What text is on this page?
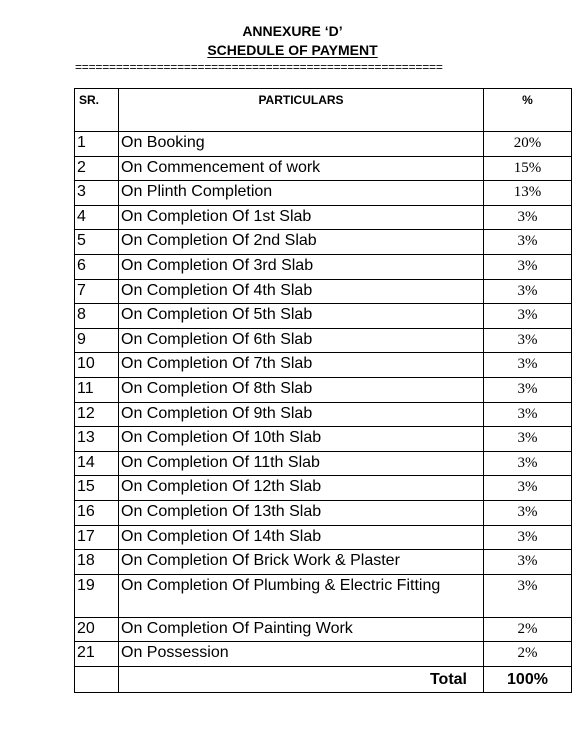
ANNEXURE ‘D’
SCHEDULE OF PAYMENT
======================================================
SR.	PARTICULARS	%
1	On Booking	20%
2	On Commencement of work	15%
3	On Plinth Completion	13%
4	On Completion Of 1st Slab	3%
5	On Completion Of 2nd Slab	3%
6	On Completion Of 3rd Slab	3%
7	On Completion Of 4th Slab	3%
8	On Completion Of 5th Slab	3%
9	On Completion Of 6th Slab	3%
10	On Completion Of 7th Slab	3%
11	On Completion Of 8th Slab	3%
12	On Completion Of 9th Slab	3%
13	On Completion Of 10th Slab	3%
14	On Completion Of 11th Slab	3%
15	On Completion Of 12th Slab	3%
16	On Completion Of 13th Slab	3%
17	On Completion Of 14th Slab	3%
18	On Completion Of Brick Work & Plaster	3%
19	On Completion Of Plumbing & Electric Fitting	3%
20	On Completion Of Painting Work	2%
21	On Possession	2%
	Total	100%
